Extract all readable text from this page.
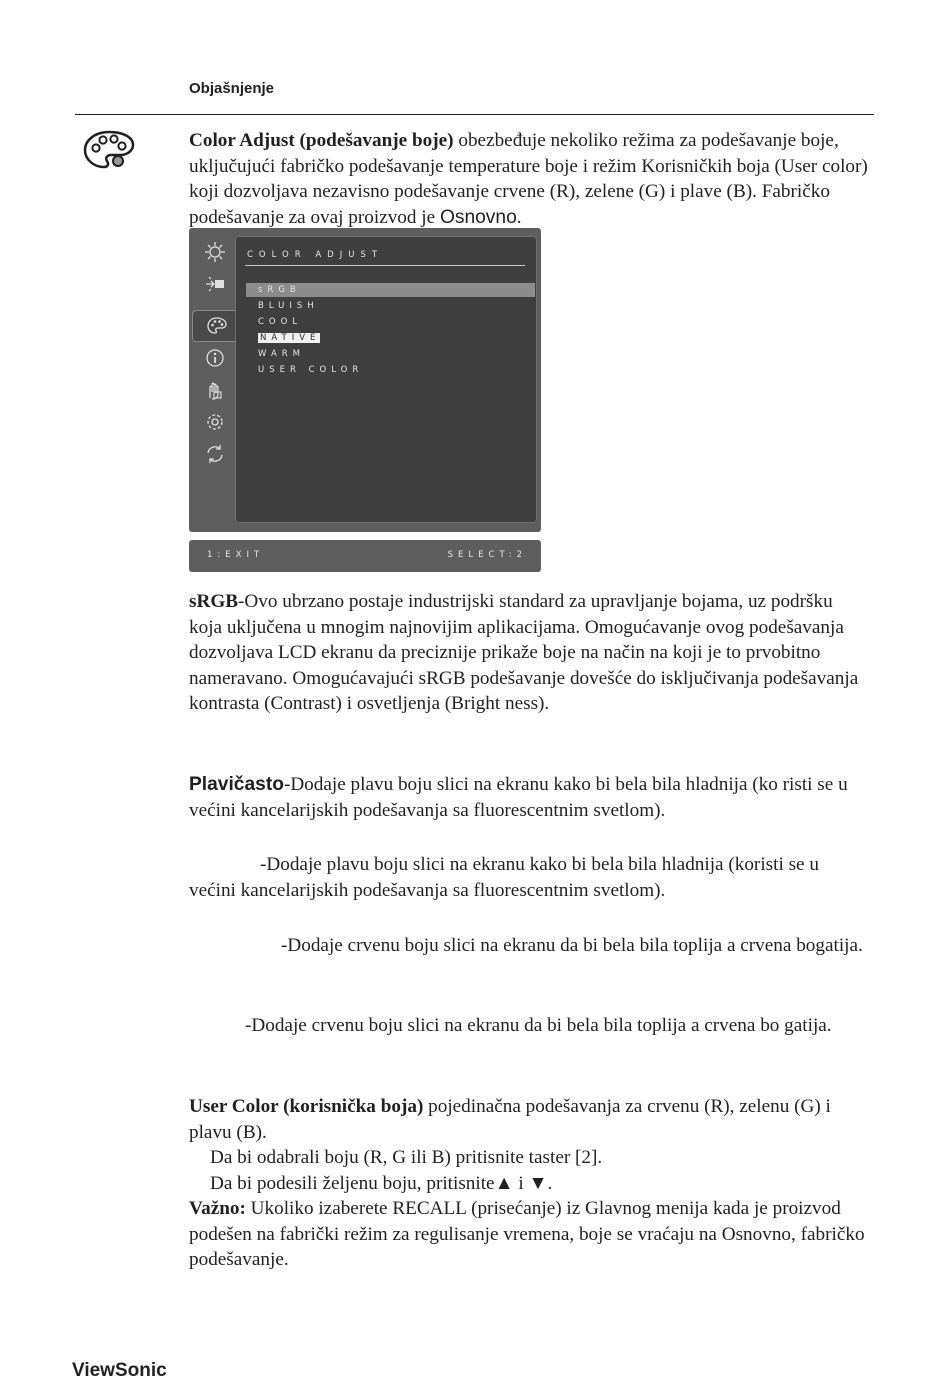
Objašnjenje

Color Adjust (podešavanje boje) obezbeđuje nekoliko režima za podešavanje boje, uključujući fabričko podešavanje temperature boje i režim Korisničkih boja (User color) koji dozvoljava nezavisno podešavanje crvene (R), zelene (G) i plave (B). Fabričko podešavanje za ovaj proizvod je Osnovno.

COLOR ADJUST
sRGB
BLUISH
COOL
NATIVE
WARM
USER COLOR
1:EXIT	SELECT:2

sRGB-Ovo ubrzano postaje industrijski standard za upravljanje bojama, uz podršku koja uključena u mnogim najnovijim aplikacijama. Omogućavanje ovog podešavanja dozvoljava LCD ekranu da preciznije prikaže boje na način na koji je to prvobitno nameravano. Omogućavajući sRGB podešavanje dovešće do isključivanja podešavanja kontrasta (Contrast) i osvetljenja (Bright ness).

Plavičasto-Dodaje plavu boju slici na ekranu kako bi bela bila hladnija (ko risti se u većini kancelarijskih podešavanja sa fluorescentnim svetlom).

-Dodaje plavu boju slici na ekranu kako bi bela bila hladnija (koristi se u većini kancelarijskih podešavanja sa fluorescentnim svetlom).

-Dodaje crvenu boju slici na ekranu da bi bela bila toplija a crvena bogatija.

-Dodaje crvenu boju slici na ekranu da bi bela bila toplija a crvena bo gatija.

User Color (korisnička boja) pojedinačna podešavanja za crvenu (R), zelenu (G) i plavu (B).
Da bi odabrali boju (R, G ili B) pritisnite taster [2].
Da bi podesili željenu boju, pritisnite▲ i ▼.
Važno: Ukoliko izaberete RECALL (prisećanje) iz Glavnog menija kada je proizvod podešen na fabrički režim za regulisanje vremena, boje se vraćaju na Osnovno, fabričko podešavanje.

ViewSonic
